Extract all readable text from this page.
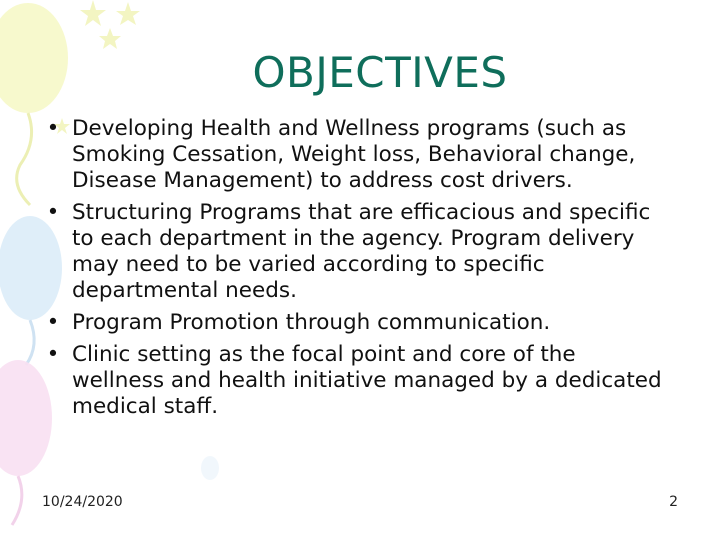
OBJECTIVES
• Developing Health and Wellness programs (such as Smoking Cessation, Weight loss, Behavioral change, Disease Management) to address cost drivers.
• Structuring Programs that are efficacious and specific to each department in the agency. Program delivery may need to be varied according to specific departmental needs.
• Program Promotion through communication.
• Clinic setting as the focal point and core of the wellness and health initiative managed by a dedicated medical staff.
10/24/2020	2
